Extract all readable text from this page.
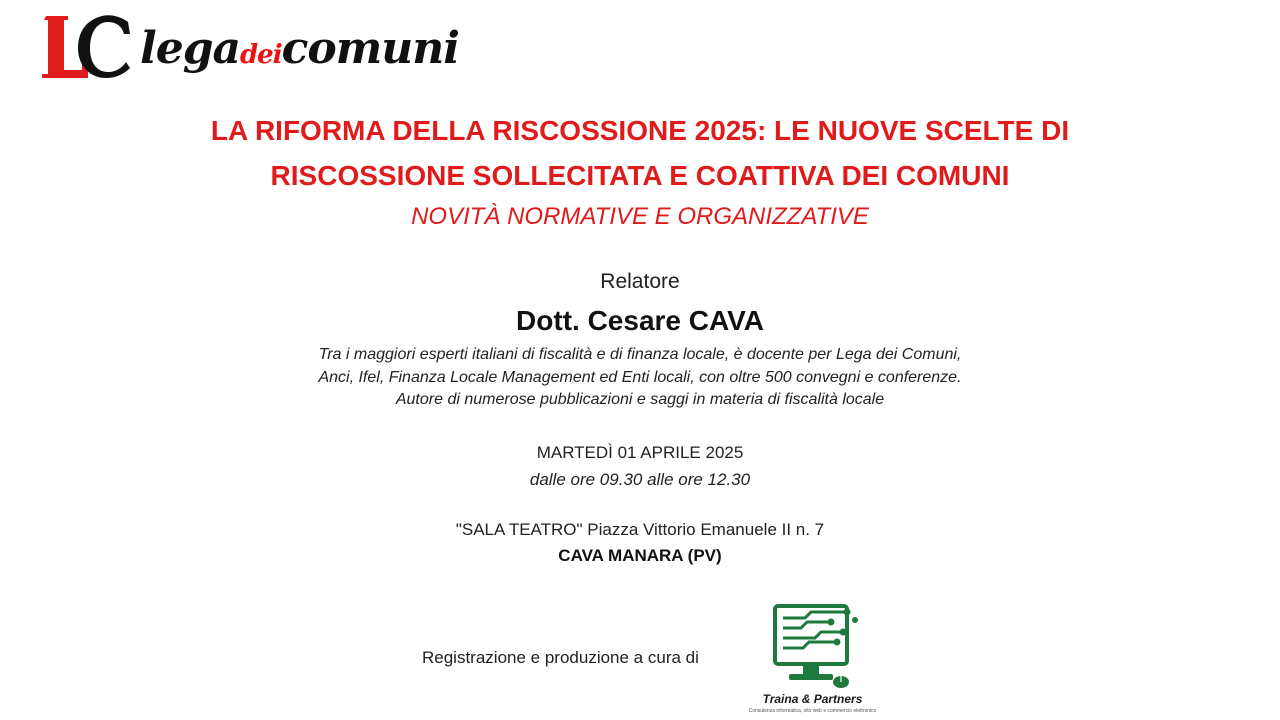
legadeicomuni
LA RIFORMA DELLA RISCOSSIONE 2025: LE NUOVE SCELTE DI
RISCOSSIONE SOLLECITATA E COATTIVA DEI COMUNI
NOVITÀ NORMATIVE E ORGANIZZATIVE
Relatore
Dott. Cesare CAVA
Tra i maggiori esperti italiani di fiscalità e di finanza locale, è docente per Lega dei Comuni,
Anci, Ifel, Finanza Locale Management ed Enti locali, con oltre 500 convegni e conferenze.
Autore di numerose pubblicazioni e saggi in materia di fiscalità locale
MARTEDÌ 01 APRILE 2025
dalle ore 09.30 alle ore 12.30
"SALA TEATRO" Piazza Vittorio Emanuele II n. 7
CAVA MANARA (PV)
Registrazione e produzione a cura di
Traina & Partners
Consulenza informatica, sito web e commercio elettronico
